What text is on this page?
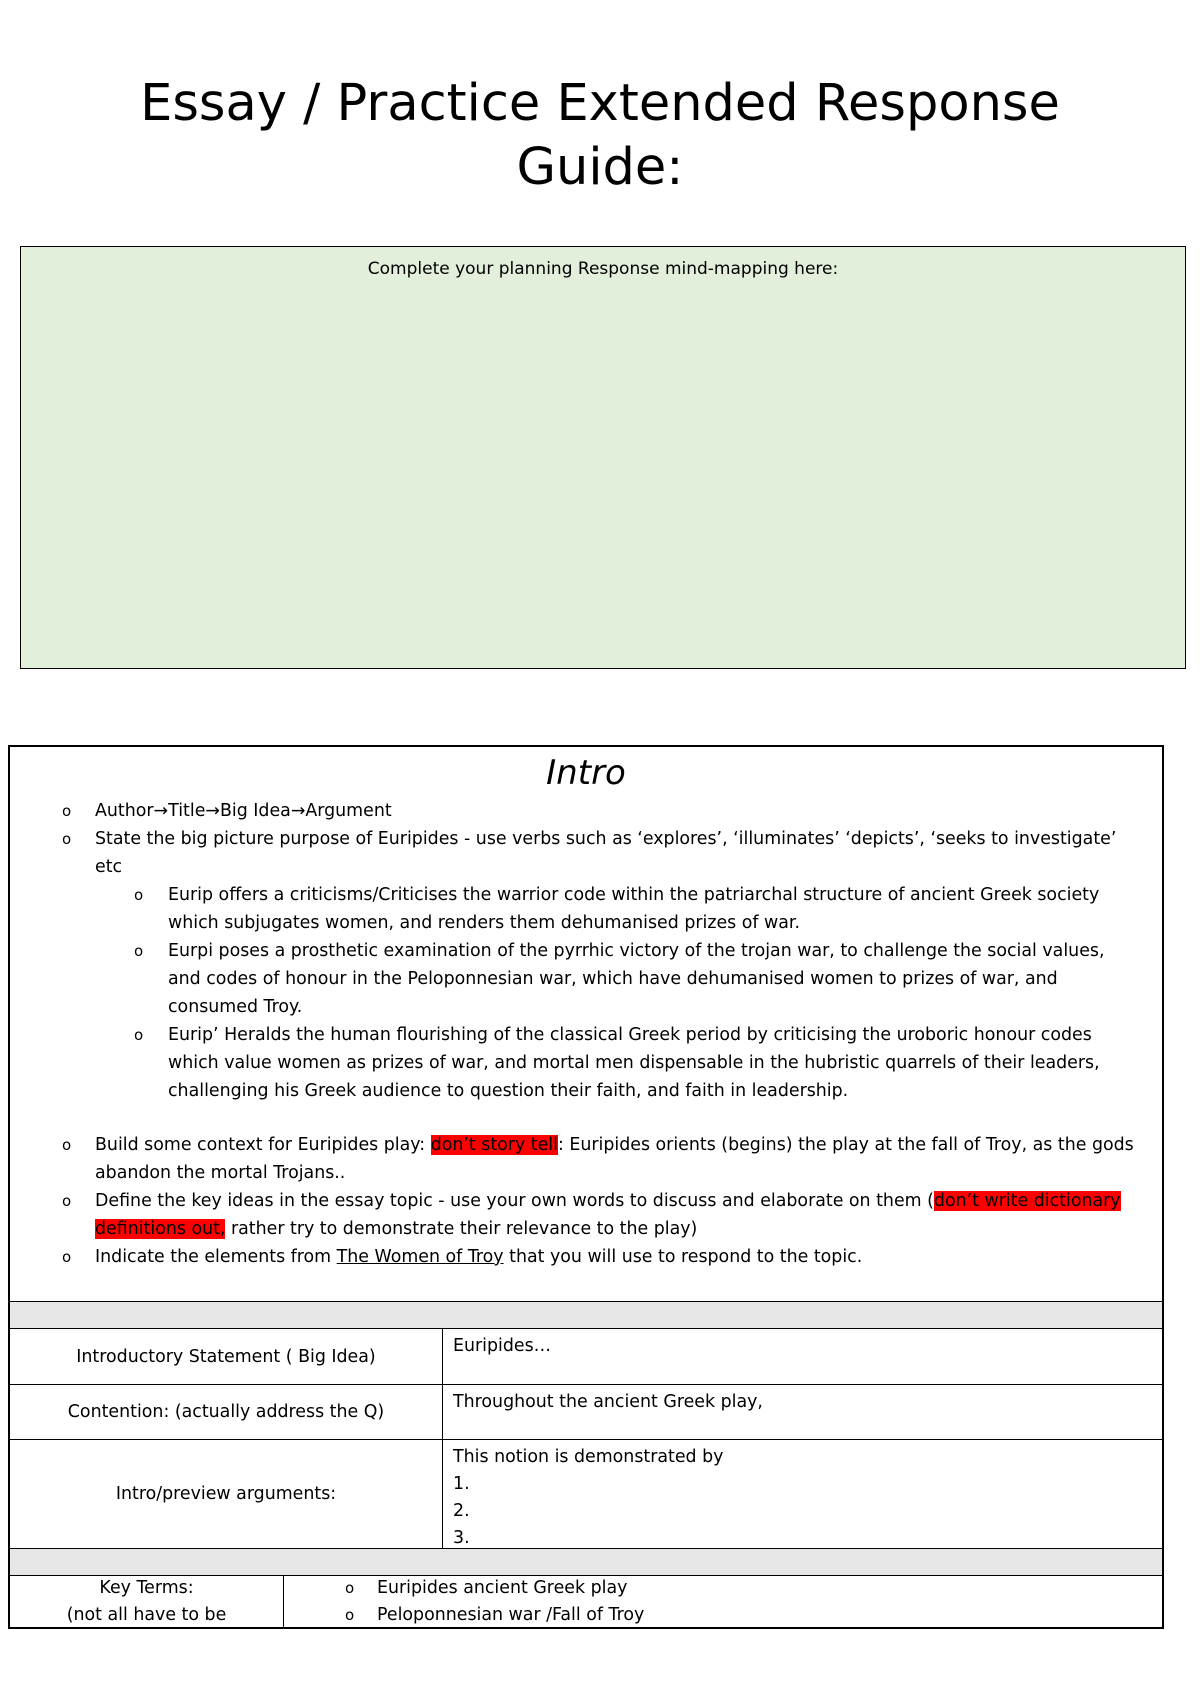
Essay / Practice Extended Response
Guide:
Complete your planning Response mind-mapping here:
Intro
o Author→Title→Big Idea→Argument
o State the big picture purpose of Euripides - use verbs such as ‘explores’, ‘illuminates’ ‘depicts’, ‘seeks to investigate’ etc
o Eurip offers a criticisms/Criticises the warrior code within the patriarchal structure of ancient Greek society which subjugates women, and renders them dehumanised prizes of war.
o Eurpi poses a prosthetic examination of the pyrrhic victory of the trojan war, to challenge the social values, and codes of honour in the Peloponnesian war, which have dehumanised women to prizes of war, and consumed Troy.
o Eurip’ Heralds the human flourishing of the classical Greek period by criticising the uroboric honour codes which value women as prizes of war, and mortal men dispensable in the hubristic quarrels of their leaders, challenging his Greek audience to question their faith, and faith in leadership.
o Build some context for Euripides play: don’t story tell: Euripides orients (begins) the play at the fall of Troy, as the gods abandon the mortal Trojans..
o Define the key ideas in the essay topic - use your own words to discuss and elaborate on them (don’t write dictionary definitions out, rather try to demonstrate their relevance to the play)
o Indicate the elements from The Women of Troy that you will use to respond to the topic.
Introductory Statement ( Big Idea)
Euripides…
Contention: (actually address the Q)	Throughout the ancient Greek play,
Intro/preview arguments:
This notion is demonstrated by
1.
2.
3.
Key Terms:
(not all have to be
o Euripides ancient Greek play
o Peloponnesian war /Fall of Troy
